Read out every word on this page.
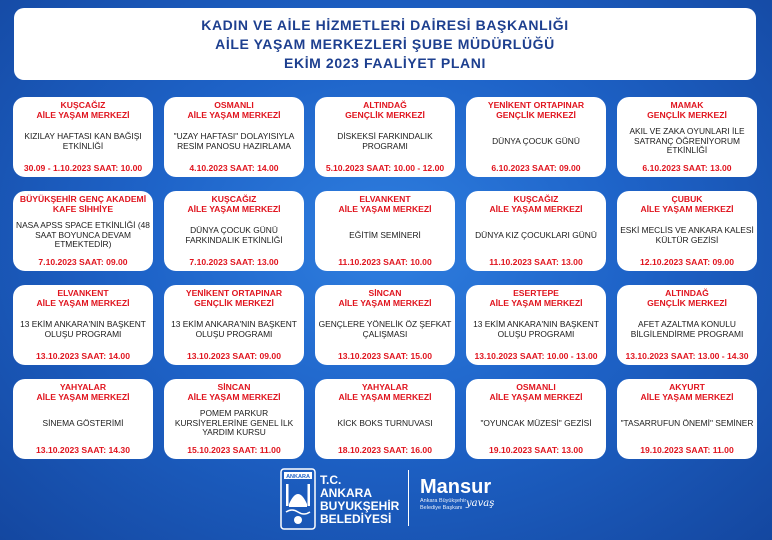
KADIN VE AİLE HİZMETLERİ DAİRESİ BAŞKANLIĞI
AİLE YAŞAM MERKEZLERİ ŞUBE MÜDÜRLÜĞÜ
EKİM 2023 FAALİYET PLANI
KUŞCAĞIZ
AİLE YAŞAM MERKEZİ
KIZILAY HAFTASI KAN BAĞIŞI ETKİNLİĞİ
30.09 - 1.10.2023 SAAT: 10.00
OSMANLI
AİLE YAŞAM MERKEZİ
"UZAY HAFTASI" DOLAYISIYLA RESİM PANOSU HAZIRLAMA
4.10.2023 SAAT: 14.00
ALTINDAĞ
GENÇLİK MERKEZİ
DİSKEKSİ FARKINDALIK PROGRAMI
5.10.2023 SAAT: 10.00 - 12.00
YENİKENT ORTAPINAR
GENÇLİK MERKEZİ
DÜNYA ÇOCUK GÜNÜ
6.10.2023 SAAT: 09.00
MAMAK
GENÇLİK MERKEZİ
AKIL VE ZAKA OYUNLARI İLE SATRANÇ ÖĞRENİYORUM ETKİNLİĞİ
6.10.2023 SAAT: 13.00
BÜYÜKŞEHİR GENÇ AKADEMİ
KAFE SİHHİYE
NASA APSS SPACE ETKİNLİĞİ (48 SAAT BOYUNCA DEVAM ETMEKTEDİR)
7.10.2023 SAAT: 09.00
KUŞCAĞIZ
AİLE YAŞAM MERKEZİ
DÜNYA ÇOCUK GÜNÜ FARKINDALIK ETKİNLİĞİ
7.10.2023 SAAT: 13.00
ELVANKENT
AİLE YAŞAM MERKEZİ
EĞİTİM SEMİNERİ
11.10.2023 SAAT: 10.00
KUŞCAĞIZ
AİLE YAŞAM MERKEZİ
DÜNYA KIZ ÇOCUKLARI GÜNÜ
11.10.2023 SAAT: 13.00
ÇUBUK
AİLE YAŞAM MERKEZİ
ESKİ MECLİS VE ANKARA KALESİ KÜLTÜR GEZİSİ
12.10.2023 SAAT: 09.00
ELVANKENT
AİLE YAŞAM MERKEZİ
13 EKİM ANKARA'NIN BAŞKENT OLUŞU PROGRAMI
13.10.2023 SAAT: 14.00
YENİKENT ORTAPINAR
GENÇLİK MERKEZİ
13 EKİM ANKARA'NIN BAŞKENT OLUŞU PROGRAMI
13.10.2023 SAAT: 09.00
SİNCAN
AİLE YAŞAM MERKEZİ
GENÇLERE YÖNELİK ÖZ ŞEFKAT ÇALIŞMASI
13.10.2023 SAAT: 15.00
ESERTEPE
AİLE YAŞAM MERKEZİ
13 EKİM ANKARA'NIN BAŞKENT OLUŞU PROGRAMI
13.10.2023 SAAT: 10.00 - 13.00
ALTINDAĞ
GENÇLİK MERKEZİ
AFET AZALTMA KONULU BİLGİLENDİRME PROGRAMI
13.10.2023 SAAT: 13.00 - 14.30
YAHYALAR
AİLE YAŞAM MERKEZİ
SİNEMA GÖSTERİMİ
13.10.2023 SAAT: 14.30
SİNCAN
AİLE YAŞAM MERKEZİ
POMEM PARKUR KURSİYERLERİNE GENEL İLK YARDIM KURSU
15.10.2023 SAAT: 11.00
YAHYALAR
AİLE YAŞAM MERKEZİ
KİCK BOKS TURNUVASI
18.10.2023 SAAT: 16.00
OSMANLI
AİLE YAŞAM MERKEZİ
"OYUNCAK MÜZESİ" GEZİSİ
19.10.2023 SAAT: 13.00
AKYURT
AİLE YAŞAM MERKEZİ
"TASARRUFUN ÖNEMİ" SEMİNER
19.10.2023 SAAT: 11.00
ANKARA T.C.
ANKARA
BUYUKŞEHİR
BELEDİYESİ
Mansur
Ankara Büyükşehir
Belediye Başkanı yavaş
